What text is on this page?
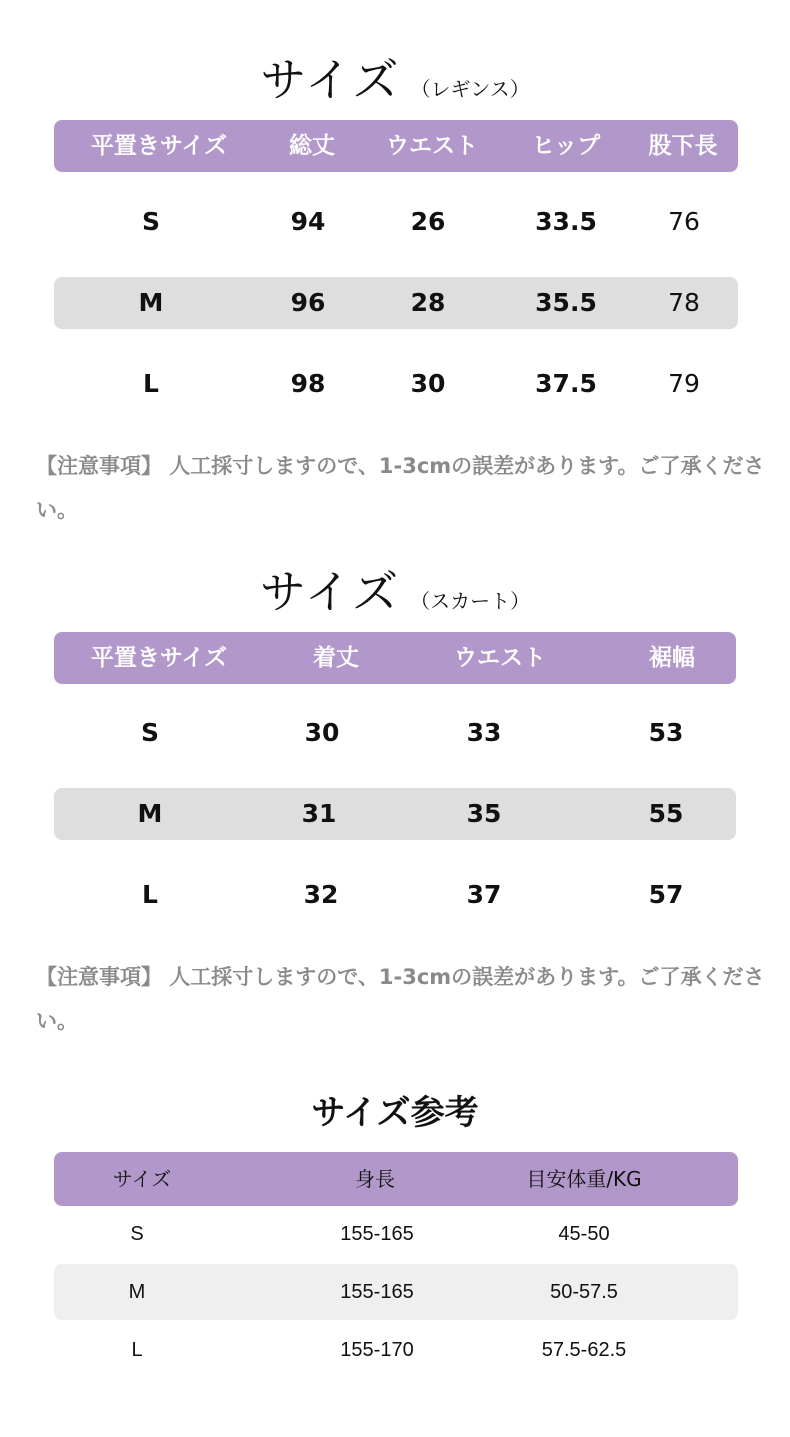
サイズ （レギンス）
平置きサイズ	総丈 ウエスト ヒップ 股下長
S	94	26	33.5	76
M	96	28	35.5	78
L	98	30	37.5	79
【注意事項】 人工採寸しますので、1-3cmの誤差があります。ご了承ください。
サイズ （スカート）
平置きサイズ	着丈	ウエスト	裾幅
S	30	33	53
M	31	35	55
L	32	37	57
【注意事項】 人工採寸しますので、1-3cmの誤差があります。ご了承ください。
サイズ参考
サイズ	身長	目安体重/KG
S	155-165	45-50
M	155-165	50-57.5
L	155-170	57.5-62.5
